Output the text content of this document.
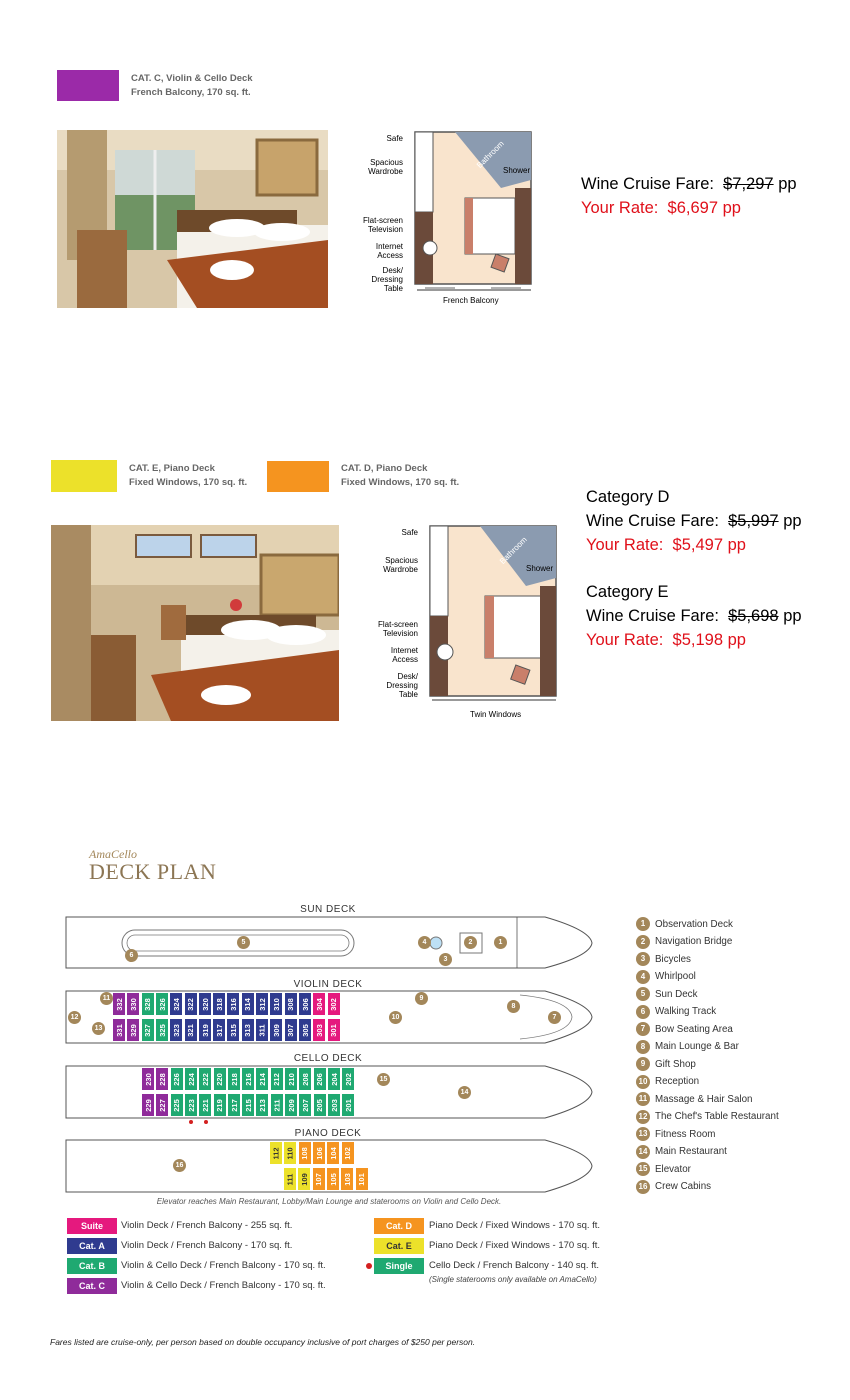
CAT. C, Violin & Cello Deck
French Balcony, 170 sq. ft.
Safe
Spacious
Wardrobe
Flat-screen
Television
Internet
Access
Desk/
Dressing
Table
Bathroom
Shower
French Balcony
Wine Cruise Fare: $7,297 pp
Your Rate: $6,697 pp
CAT. E, Piano Deck
Fixed Windows, 170 sq. ft.
CAT. D, Piano Deck
Fixed Windows, 170 sq. ft.
Safe
Spacious
Wardrobe
Flat-screen
Television
Internet
Access
Desk/
Dressing
Table
Bathroom
Shower
Twin Windows
Category D
Wine Cruise Fare: $5,997 pp
Your Rate: $5,497 pp
Category E
Wine Cruise Fare: $5,698 pp
Your Rate: $5,198 pp
AmaCello
DECK PLAN
SUN DECK
VIOLIN DECK
CELLO DECK
PIANO DECK
5
6
4	2	1
3
11
12
13
9
10
8
7
15
14
16
332 330 328 326 324 322 320 318 316 314 312 310 308 306 304 302
331 329 327 325 323 321 319 317 315 313 311 309 307 305 303 301
230 228 226 224 222 220 218 216 214 212 210 208 206 204 202
229 227 225 223 221 219 217 215 213 211 209 207 205 203 201
112 110 108 106 104 102
111 109 107 105 103 101
Elevator reaches Main Restaurant, Lobby/Main Lounge and staterooms on Violin and Cello Deck.
1 Observation Deck
2 Navigation Bridge
3 Bicycles
4 Whirlpool
5 Sun Deck
6 Walking Track
7 Bow Seating Area
8 Main Lounge & Bar
9 Gift Shop
10 Reception
11 Massage & Hair Salon
12 The Chef's Table Restaurant
13 Fitness Room
14 Main Restaurant
15 Elevator
16 Crew Cabins
Suite	Violin Deck / French Balcony - 255 sq. ft.
Cat. A	Violin Deck / French Balcony - 170 sq. ft.
Cat. B	Violin & Cello Deck / French Balcony - 170 sq. ft.
Cat. C	Violin & Cello Deck / French Balcony - 170 sq. ft.
Cat. D	Piano Deck / Fixed Windows - 170 sq. ft.
Cat. E	Piano Deck / Fixed Windows - 170 sq. ft.
Single	Cello Deck / French Balcony - 140 sq. ft.
(Single staterooms only available on AmaCello)
Fares listed are cruise-only, per person based on double occupancy inclusive of port charges of $250 per person.
